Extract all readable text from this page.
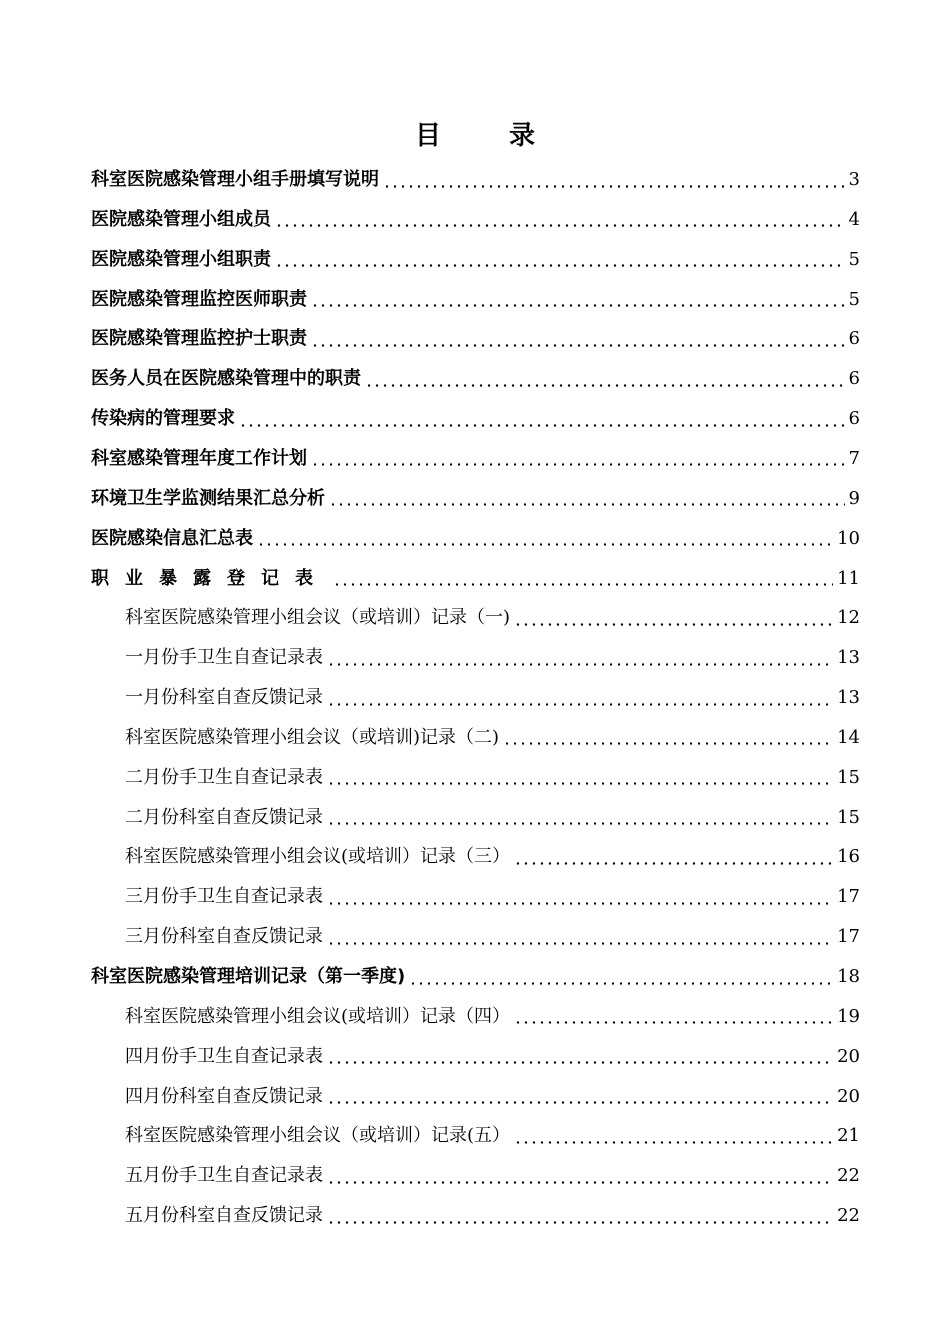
目录
科室医院感染管理小组手册填写说明	3
医院感染管理小组成员	4
医院感染管理小组职责	5
医院感染管理监控医师职责	5
医院感染管理监控护士职责	6
医务人员在医院感染管理中的职责	6
传染病的管理要求	6
科室感染管理年度工作计划	7
环境卫生学监测结果汇总分析	9
医院感染信息汇总表	10
职业暴露登记表	11
科室医院感染管理小组会议（或培训）记录（一)	12
一月份手卫生自查记录表	13
一月份科室自查反馈记录	13
科室医院感染管理小组会议（或培训)记录（二)	14
二月份手卫生自查记录表	15
二月份科室自查反馈记录	15
科室医院感染管理小组会议(或培训）记录（三）	16
三月份手卫生自查记录表	17
三月份科室自查反馈记录	17
科室医院感染管理培训记录（第一季度)	18
科室医院感染管理小组会议(或培训）记录（四）	19
四月份手卫生自查记录表	20
四月份科室自查反馈记录	20
科室医院感染管理小组会议（或培训）记录(五）	21
五月份手卫生自查记录表	22
五月份科室自查反馈记录	22
